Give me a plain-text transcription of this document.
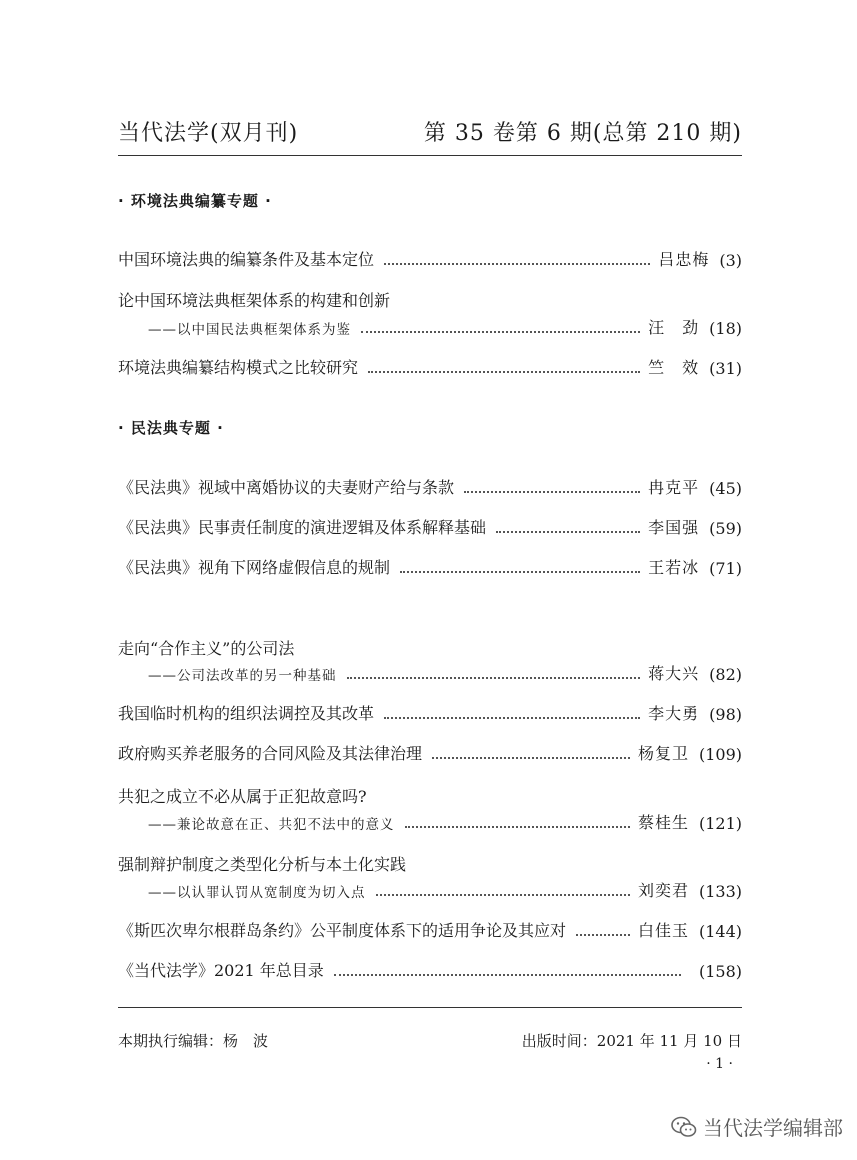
当代法学(双月刊)	第 35 卷第 6 期(总第 210 期)
· 环境法典编纂专题 ·
中国环境法典的编纂条件及基本定位	吕忠梅 (3)
论中国环境法典框架体系的构建和创新
——以中国民法典框架体系为鉴	汪　劲 (18)
环境法典编纂结构模式之比较研究	竺　效 (31)
· 民法典专题 ·
《民法典》视域中离婚协议的夫妻财产给与条款	冉克平 (45)
《民法典》民事责任制度的演进逻辑及体系解释基础	李国强 (59)
《民法典》视角下网络虚假信息的规制	王若冰 (71)
走向“合作主义”的公司法
——公司法改革的另一种基础	蒋大兴 (82)
我国临时机构的组织法调控及其改革	李大勇 (98)
政府购买养老服务的合同风险及其法律治理	杨复卫 (109)
共犯之成立不必从属于正犯故意吗?
——兼论故意在正、共犯不法中的意义	蔡桂生 (121)
强制辩护制度之类型化分析与本土化实践
——以认罪认罚从宽制度为切入点	刘奕君 (133)
《斯匹次卑尔根群岛条约》公平制度体系下的适用争论及其应对	白佳玉 (144)
《当代法学》2021 年总目录	(158)
本期执行编辑：杨　波	出版时间：2021 年 11 月 10 日
· 1 ·
当代法学编辑部
